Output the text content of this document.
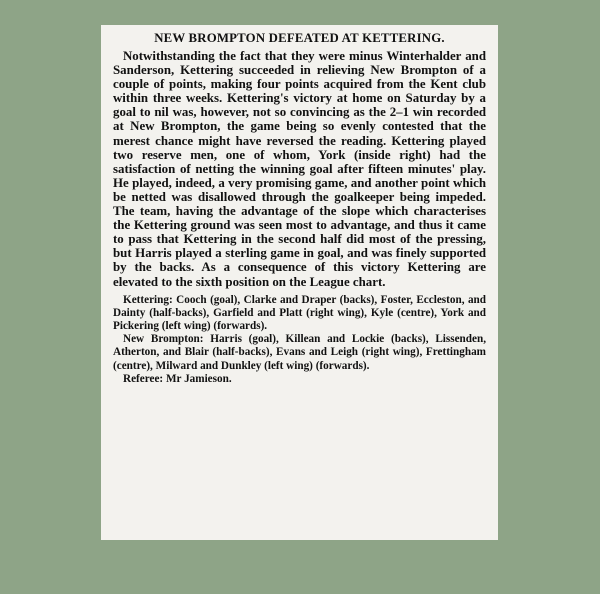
NEW BROMPTON DEFEATED AT KETTERING.

Notwithstanding the fact that they were minus Winterhalder and Sanderson, Kettering succeeded in relieving New Brompton of a couple of points, making four points acquired from the Kent club within three weeks. Kettering's victory at home on Saturday by a goal to nil was, however, not so convincing as the 2–1 win recorded at New Brompton, the game being so evenly contested that the merest chance might have reversed the reading. Kettering played two reserve men, one of whom, York (inside right) had the satisfaction of netting the winning goal after fifteen minutes' play. He played, indeed, a very promising game, and another point which be netted was disallowed through the goalkeeper being impeded. The team, having the advantage of the slope which characterises the Kettering ground was seen most to advantage, and thus it came to pass that Kettering in the second half did most of the pressing, but Harris played a sterling game in goal, and was finely supported by the backs. As a consequence of this victory Kettering are elevated to the sixth position on the League chart.

Kettering: Cooch (goal), Clarke and Draper (backs), Foster, Eccleston, and Dainty (half-backs), Garfield and Platt (right wing), Kyle (centre), York and Pickering (left wing) (forwards).

New Brompton: Harris (goal), Killean and Lockie (backs), Lissenden, Atherton, and Blair (half-backs), Evans and Leigh (right wing), Frettingham (centre), Milward and Dunkley (left wing) (forwards).

Referee: Mr Jamieson.
